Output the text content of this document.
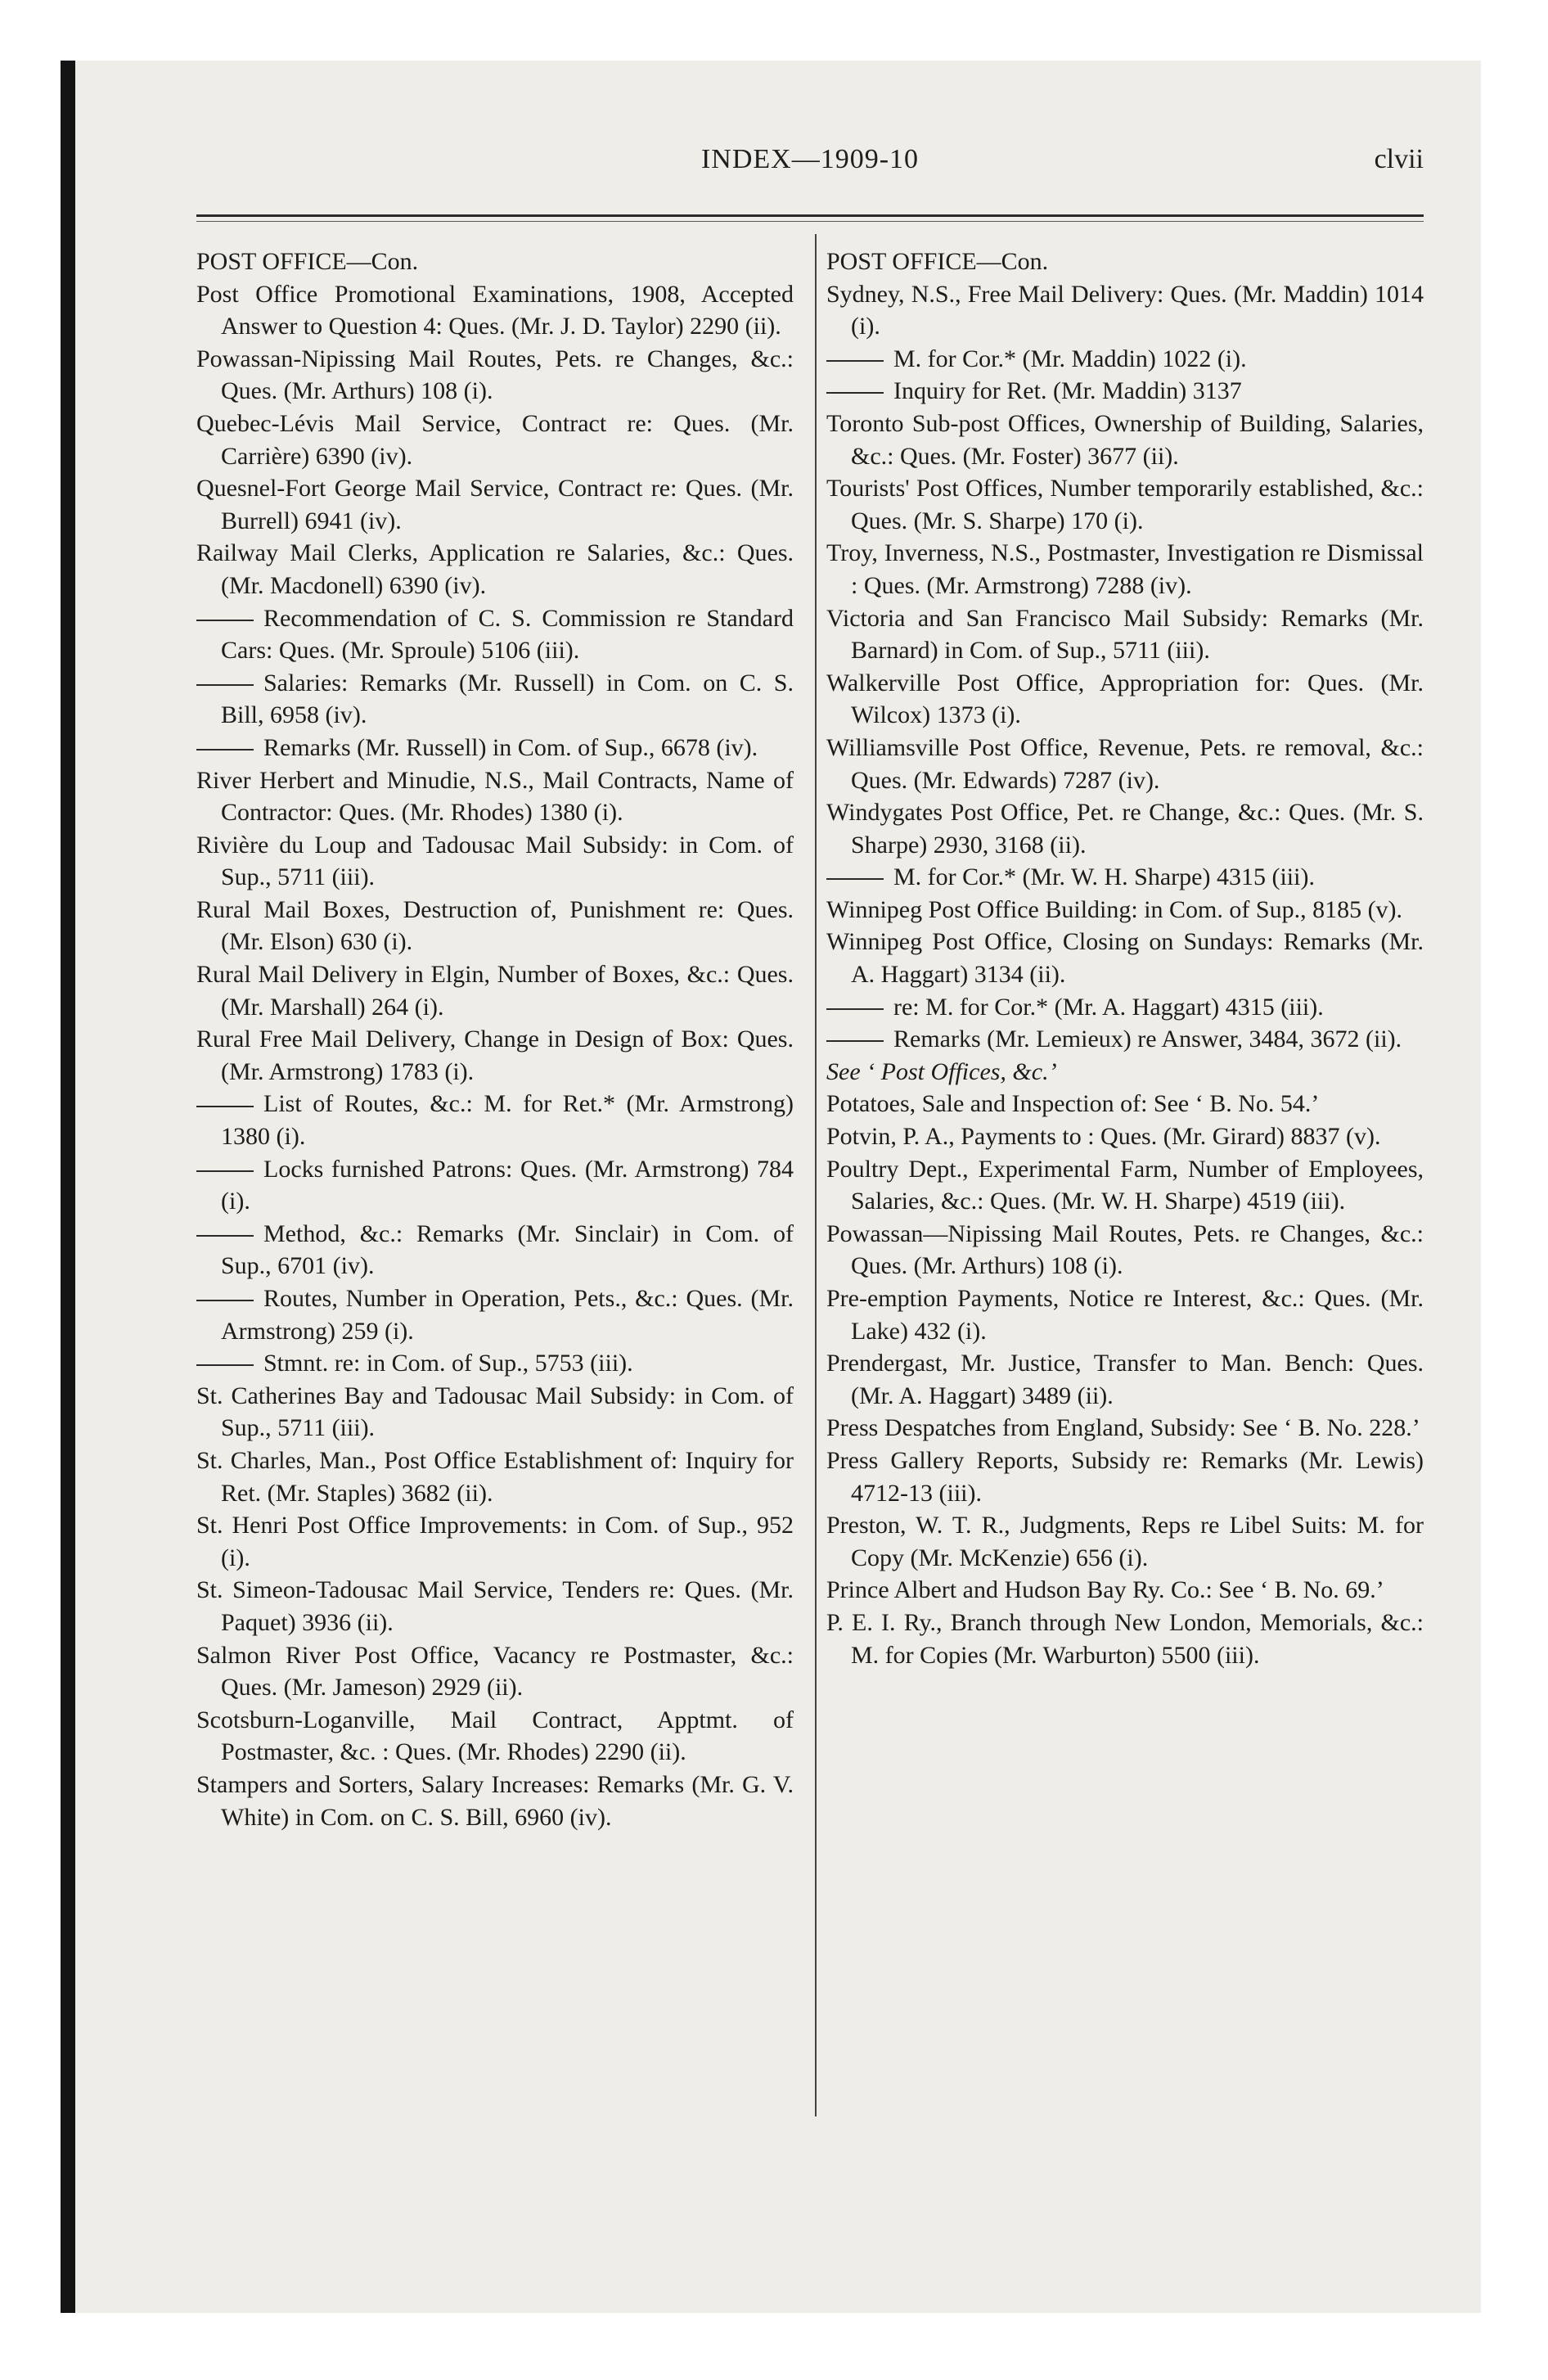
INDEX—1909-10	clvii

POST OFFICE—Con.

Post Office Promotional Examinations, 1908, Accepted Answer to Question 4: Ques. (Mr. J. D. Taylor) 2290 (ii).

Powassan-Nipissing Mail Routes, Pets. re Changes, &c.: Ques. (Mr. Arthurs) 108 (i).

Quebec-Lévis Mail Service, Contract re: Ques. (Mr. Carrière) 6390 (iv).

Quesnel-Fort George Mail Service, Contract re: Ques. (Mr. Burrell) 6941 (iv).

Railway Mail Clerks, Application re Salaries, &c.: Ques. (Mr. Macdonell) 6390 (iv).

Recommendation of C. S. Commission re Standard Cars: Ques. (Mr. Sproule) 5106 (iii).

Salaries: Remarks (Mr. Russell) in Com. on C. S. Bill, 6958 (iv).

Remarks (Mr. Russell) in Com. of Sup., 6678 (iv).

River Herbert and Minudie, N.S., Mail Contracts, Name of Contractor: Ques. (Mr. Rhodes) 1380 (i).

Rivière du Loup and Tadousac Mail Subsidy: in Com. of Sup., 5711 (iii).

Rural Mail Boxes, Destruction of, Punishment re: Ques. (Mr. Elson) 630 (i).

Rural Mail Delivery in Elgin, Number of Boxes, &c.: Ques. (Mr. Marshall) 264 (i).

Rural Free Mail Delivery, Change in Design of Box: Ques. (Mr. Armstrong) 1783 (i).

List of Routes, &c.: M. for Ret.* (Mr. Armstrong) 1380 (i).

Locks furnished Patrons: Ques. (Mr. Armstrong) 784 (i).

Method, &c.: Remarks (Mr. Sinclair) in Com. of Sup., 6701 (iv).

Routes, Number in Operation, Pets., &c.: Ques. (Mr. Armstrong) 259 (i).

Stmnt. re: in Com. of Sup., 5753 (iii).

St. Catherines Bay and Tadousac Mail Subsidy: in Com. of Sup., 5711 (iii).

St. Charles, Man., Post Office Establishment of: Inquiry for Ret. (Mr. Staples) 3682 (ii).

St. Henri Post Office Improvements: in Com. of Sup., 952 (i).

St. Simeon-Tadousac Mail Service, Tenders re: Ques. (Mr. Paquet) 3936 (ii).

Salmon River Post Office, Vacancy re Postmaster, &c.: Ques. (Mr. Jameson) 2929 (ii).

Scotsburn-Loganville, Mail Contract, Apptmt. of Postmaster, &c. : Ques. (Mr. Rhodes) 2290 (ii).

Stampers and Sorters, Salary Increases: Remarks (Mr. G. V. White) in Com. on C. S. Bill, 6960 (iv).

POST OFFICE—Con.

Sydney, N.S., Free Mail Delivery: Ques. (Mr. Maddin) 1014 (i).

M. for Cor.* (Mr. Maddin) 1022 (i).

Inquiry for Ret. (Mr. Maddin) 3137

Toronto Sub-post Offices, Ownership of Building, Salaries, &c.: Ques. (Mr. Foster) 3677 (ii).

Tourists' Post Offices, Number temporarily established, &c.: Ques. (Mr. S. Sharpe) 170 (i).

Troy, Inverness, N.S., Postmaster, Investigation re Dismissal : Ques. (Mr. Armstrong) 7288 (iv).

Victoria and San Francisco Mail Subsidy: Remarks (Mr. Barnard) in Com. of Sup., 5711 (iii).

Walkerville Post Office, Appropriation for: Ques. (Mr. Wilcox) 1373 (i).

Williamsville Post Office, Revenue, Pets. re removal, &c.: Ques. (Mr. Edwards) 7287 (iv).

Windygates Post Office, Pet. re Change, &c.: Ques. (Mr. S. Sharpe) 2930, 3168 (ii).

M. for Cor.* (Mr. W. H. Sharpe) 4315 (iii).

Winnipeg Post Office Building: in Com. of Sup., 8185 (v).

Winnipeg Post Office, Closing on Sundays: Remarks (Mr. A. Haggart) 3134 (ii).

re: M. for Cor.* (Mr. A. Haggart) 4315 (iii).

Remarks (Mr. Lemieux) re Answer, 3484, 3672 (ii).

See ‘ Post Offices, &c.’

Potatoes, Sale and Inspection of: See ‘ B. No. 54.’

Potvin, P. A., Payments to : Ques. (Mr. Girard) 8837 (v).

Poultry Dept., Experimental Farm, Number of Employees, Salaries, &c.: Ques. (Mr. W. H. Sharpe) 4519 (iii).

Powassan—Nipissing Mail Routes, Pets. re Changes, &c.: Ques. (Mr. Arthurs) 108 (i).

Pre-emption Payments, Notice re Interest, &c.: Ques. (Mr. Lake) 432 (i).

Prendergast, Mr. Justice, Transfer to Man. Bench: Ques. (Mr. A. Haggart) 3489 (ii).

Press Despatches from England, Subsidy: See ‘ B. No. 228.’

Press Gallery Reports, Subsidy re: Remarks (Mr. Lewis) 4712-13 (iii).

Preston, W. T. R., Judgments, Reps re Libel Suits: M. for Copy (Mr. McKenzie) 656 (i).

Prince Albert and Hudson Bay Ry. Co.: See ‘ B. No. 69.’

P. E. I. Ry., Branch through New London, Memorials, &c.: M. for Copies (Mr. Warburton) 5500 (iii).
